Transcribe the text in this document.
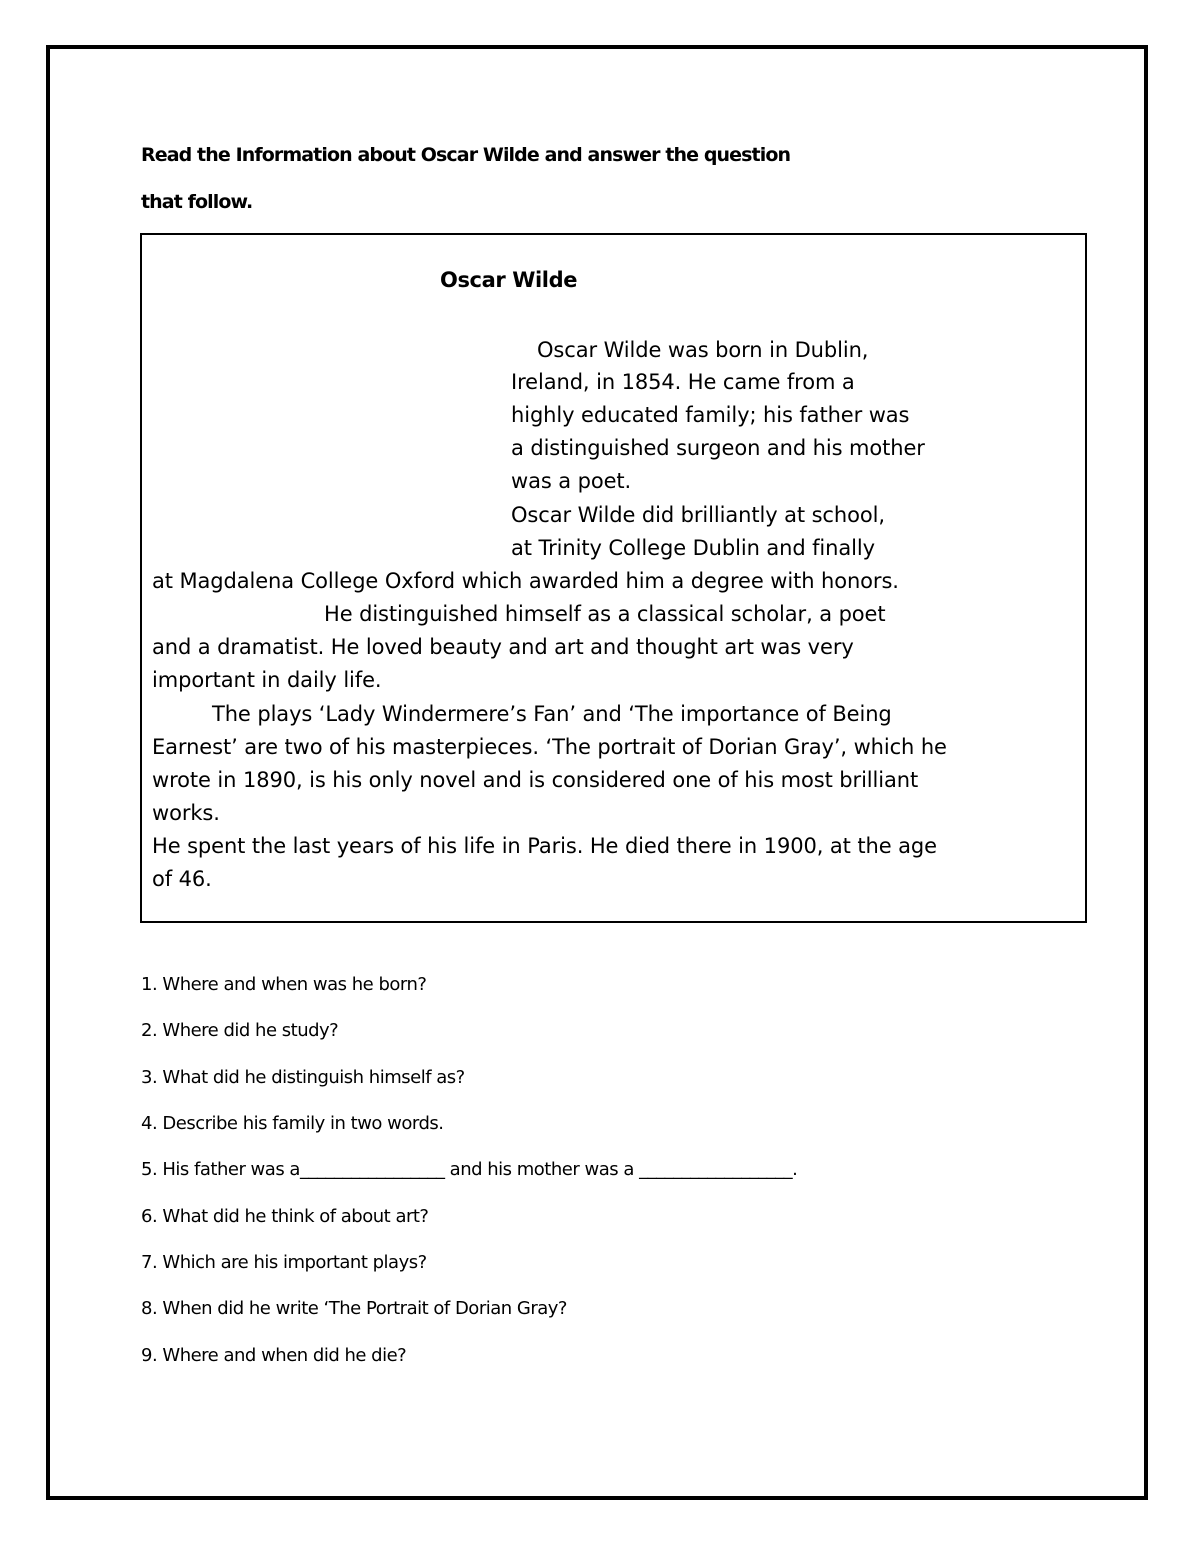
Read the Information about Oscar Wilde and answer the question
that follow.
Oscar Wilde
Oscar Wilde was born in Dublin,
Ireland, in 1854. He came from a
highly educated family; his father was
a distinguished surgeon and his mother
was a poet.
Oscar Wilde did brilliantly at school,
at Trinity College Dublin and finally
at Magdalena College Oxford which awarded him a degree with honors.
He distinguished himself as a classical scholar, a poet
and a dramatist. He loved beauty and art and thought art was very
important in daily life.
The plays ‘Lady Windermere’s Fan’ and ‘The importance of Being
Earnest’ are two of his masterpieces. ‘The portrait of Dorian Gray’, which he
wrote in 1890, is his only novel and is considered one of his most brilliant
works.
He spent the last years of his life in Paris. He died there in 1900, at the age
of 46.
1. Where and when was he born?
2. Where did he study?
3. What did he distinguish himself as?
4. Describe his family in two words.
5. His father was a_________________ and his mother was a __________________.
6. What did he think of about art?
7. Which are his important plays?
8. When did he write ‘The Portrait of Dorian Gray?
9. Where and when did he die?
